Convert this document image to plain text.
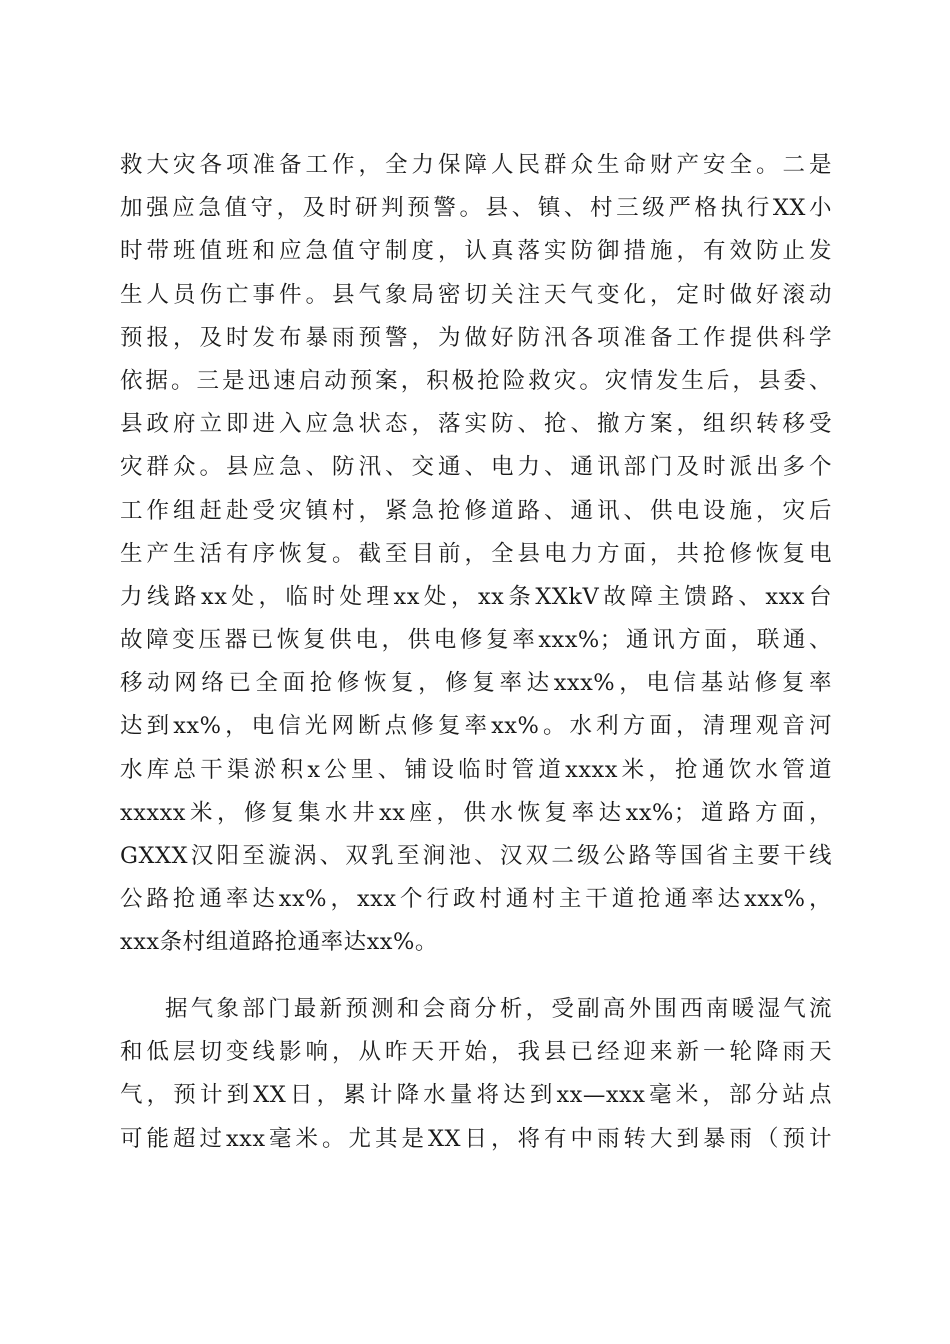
救大灾各项准备工作，全力保障人民群众生命财产安全。二是
加强应急值守，及时研判预警。县、镇、村三级严格执行XX小
时带班值班和应急值守制度，认真落实防御措施，有效防止发
生人员伤亡事件。县气象局密切关注天气变化，定时做好滚动
预报，及时发布暴雨预警，为做好防汛各项准备工作提供科学
依据。三是迅速启动预案，积极抢险救灾。灾情发生后，县委、
县政府立即进入应急状态，落实防、抢、撤方案，组织转移受
灾群众。县应急、防汛、交通、电力、通讯部门及时派出多个
工作组赶赴受灾镇村，紧急抢修道路、通讯、供电设施，灾后
生产生活有序恢复。截至目前，全县电力方面，共抢修恢复电
力线路xx处，临时处理xx处，xx条XXkV故障主馈路、xxx台
故障变压器已恢复供电，供电修复率xxx%；通讯方面，联通、
移动网络已全面抢修恢复，修复率达xxx%，电信基站修复率
达到xx%，电信光网断点修复率xx%。水利方面，清理观音河
水库总干渠淤积x公里、铺设临时管道xxxx米，抢通饮水管道
xxxxx米，修复集水井xx座，供水恢复率达xx%；道路方面，
GXXX汉阳至漩涡、双乳至涧池、汉双二级公路等国省主要干线
公路抢通率达xx%，xxx个行政村通村主干道抢通率达xxx%，
xxx条村组道路抢通率达xx%。
据气象部门最新预测和会商分析，受副高外围西南暖湿气流
和低层切变线影响，从昨天开始，我县已经迎来新一轮降雨天
气，预计到XX日，累计降水量将达到xx—xxx毫米，部分站点
可能超过xxx毫米。尤其是XX日，将有中雨转大到暴雨（预计
